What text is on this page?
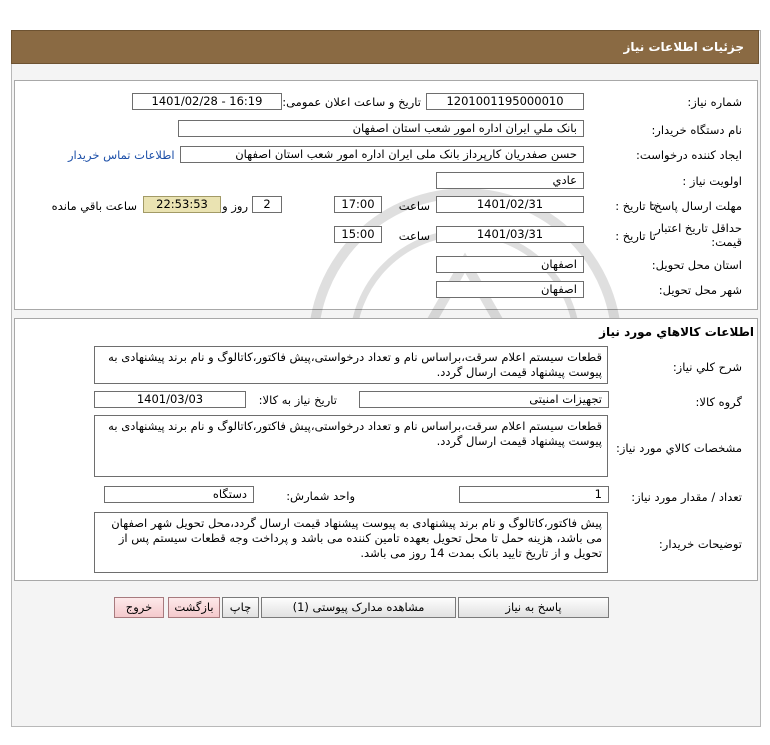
جزئیات اطلاعات نیاز
شماره نياز:
1201001195000010
تاريخ و ساعت اعلان عمومی:
1401/02/28 - 16:19
نام دستگاه خريدار:
بانک ملي ايران اداره امور شعب استان اصفهان
ایجاد کننده درخواست:
حسن صفدریان کارپرداز بانک ملی ایران اداره امور شعب استان اصفهان
اطلاعات تماس خريدار
اولويت نياز :
عادي
مهلت ارسال پاسخ:
تا تاریخ :
1401/02/31
ساعت
17:00
2
روز و
22:53:53
ساعت باقي مانده
حداقل تاريخ اعتبار
قیمت:
تا تاریخ :
1401/03/31
ساعت
15:00
استان محل تحويل:
اصفهان
شهر محل تحويل:
اصفهان
اطلاعات کالاهاي مورد نياز
شرح کلي نياز:
قطعات سیستم اعلام سرقت،براساس نام و تعداد درخواستی،پیش فاکتور،کاتالوگ و نام برند پیشنهادی به پیوست پیشنهاد قیمت ارسال گردد.
گروه کالا:
تجهیزات امنیتی
تاريخ نياز به کالا:
1401/03/03
مشخصات کالاي مورد نياز:
قطعات سیستم اعلام سرقت،براساس نام و تعداد درخواستی،پیش فاکتور،کاتالوگ و نام برند پیشنهادی به پیوست پیشنهاد قیمت ارسال گردد.
تعداد / مقدار مورد نياز:
1
واحد شمارش:
دستگاه
توضيحات خريدار:
پیش فاکتور،کاتالوگ و نام برند پیشنهادی به پیوست پیشنهاد قیمت ارسال گردد،محل تحویل شهر اصفهان می باشد، هزینه حمل تا محل تحویل بعهده تامین کننده می باشد و پرداخت وجه قطعات سیستم پس از تحویل و از تاریخ تایید بانک بمدت 14 روز می باشد.
پاسخ به نياز
مشاهده مدارک پیوستی (1)
چاپ
بازگشت
خروج
